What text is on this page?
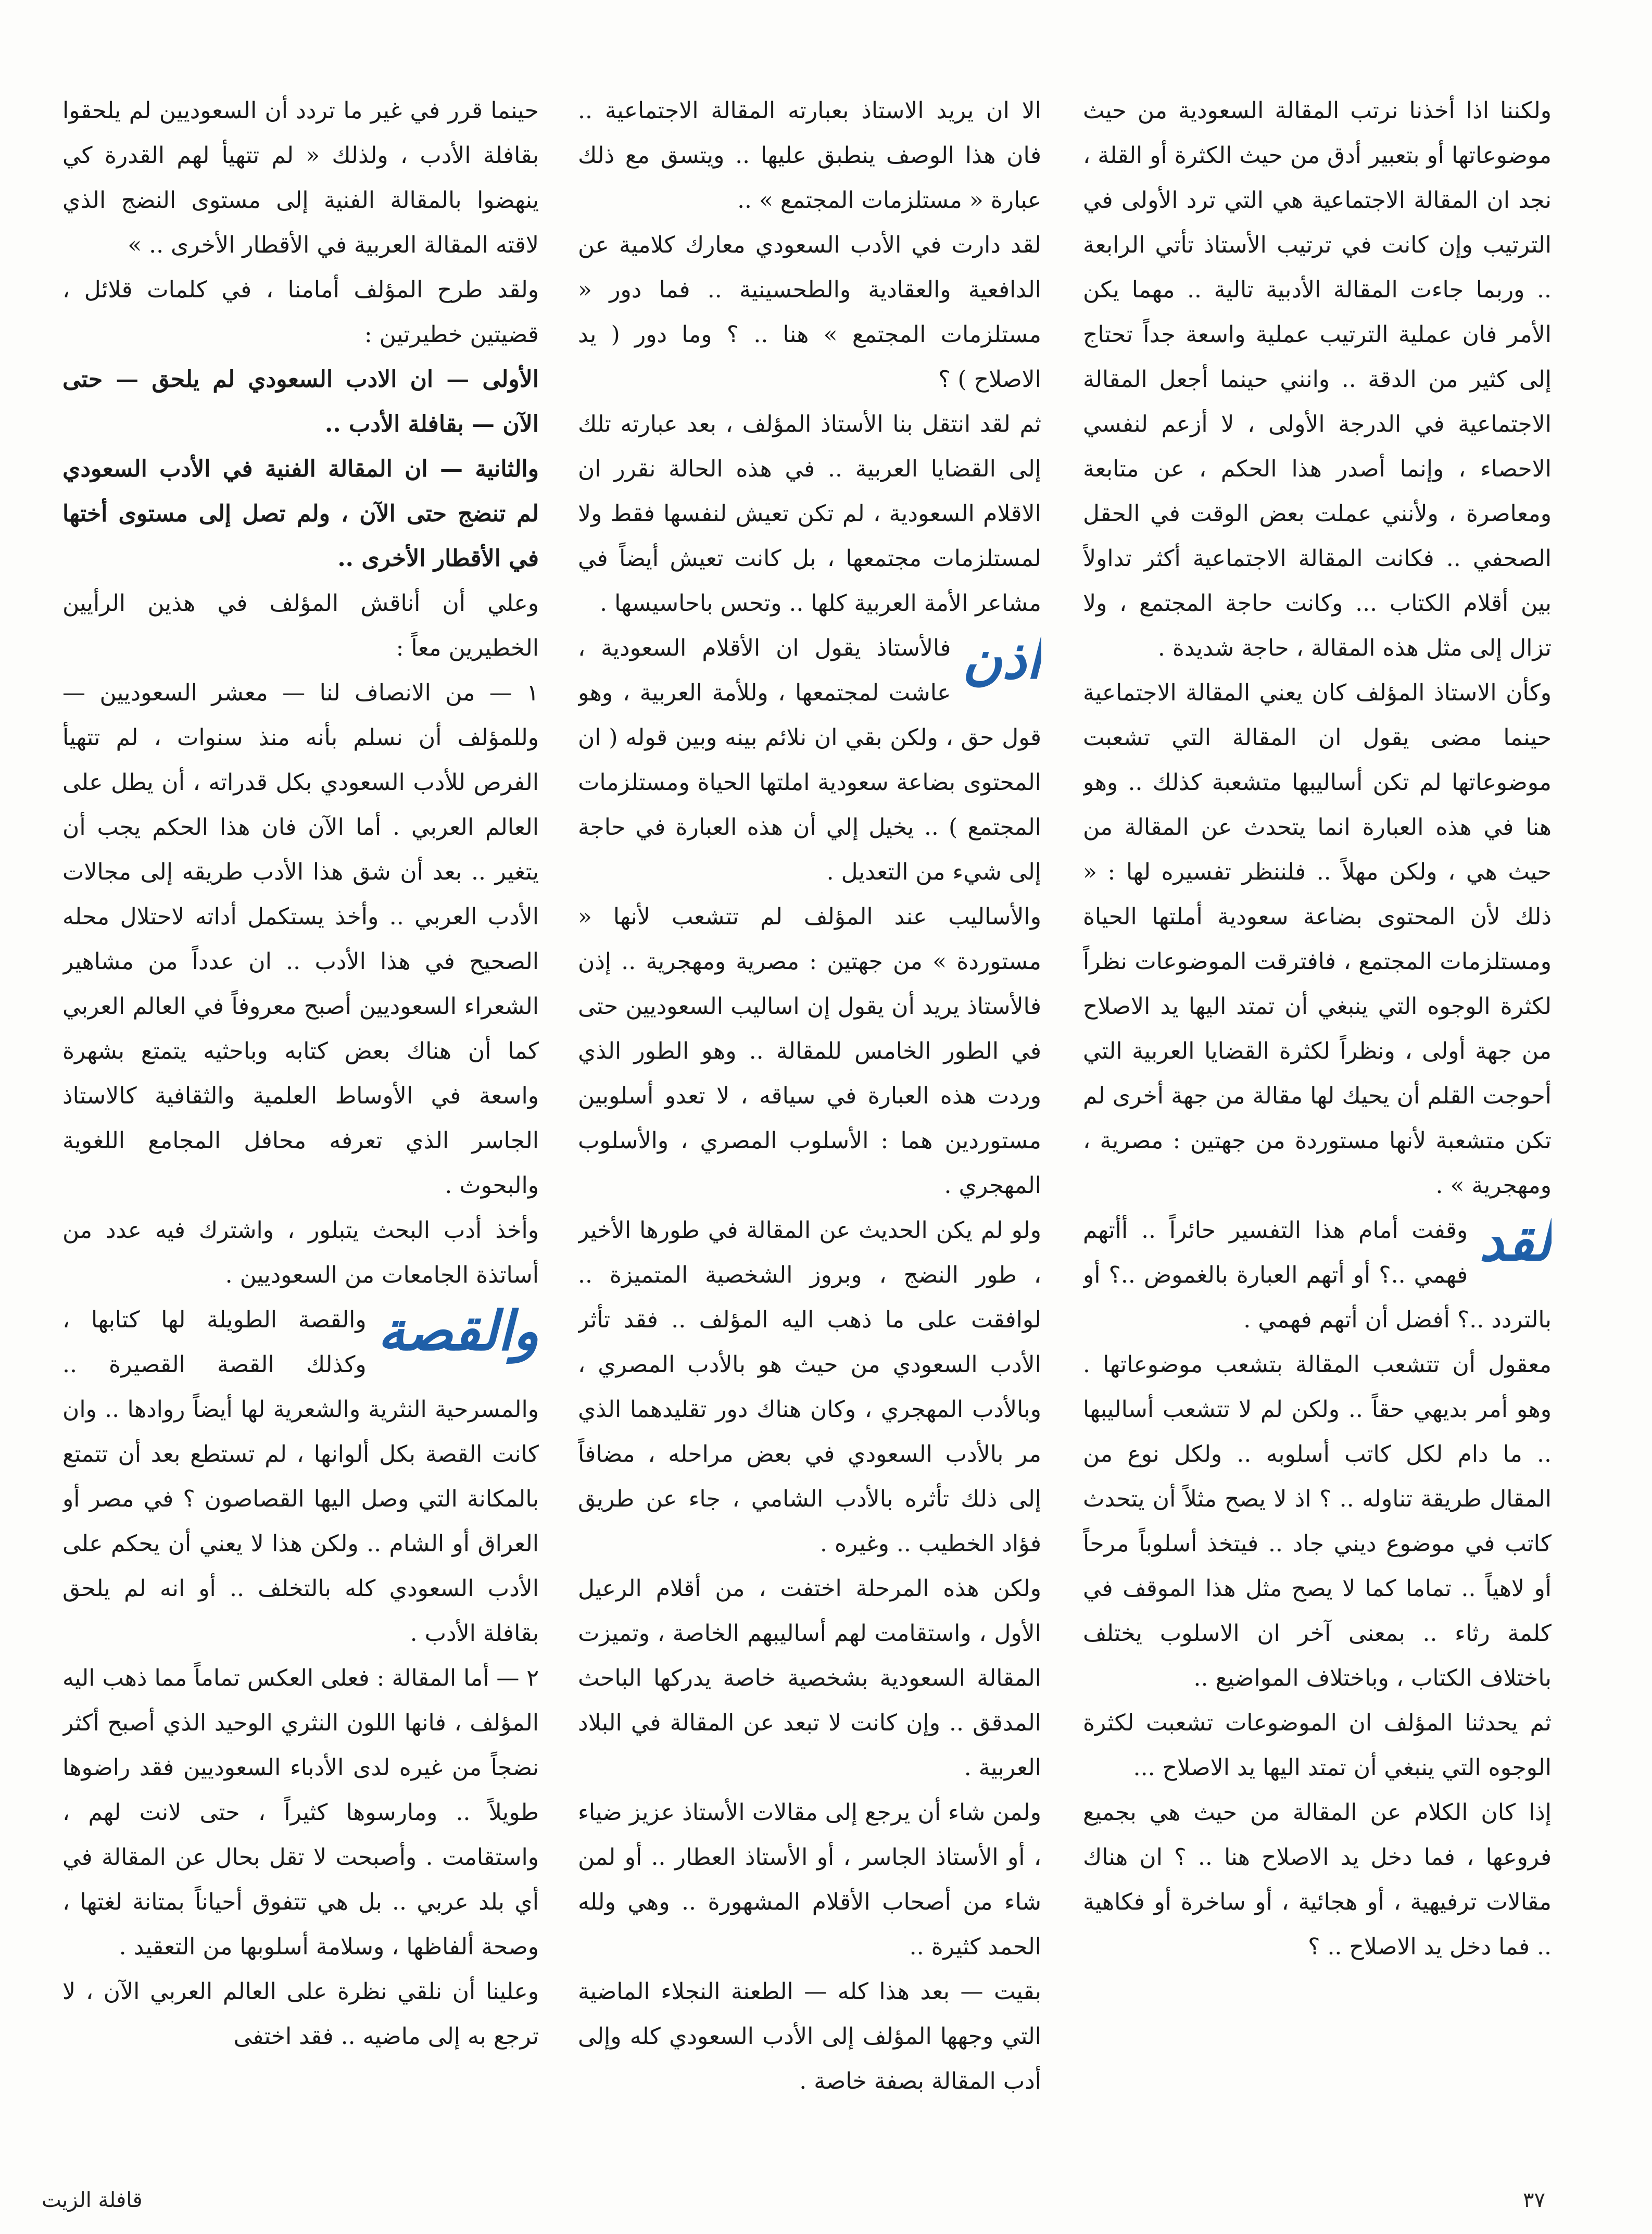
ولكننا اذا أخذنا نرتب المقالة السعودية من حيث موضوعاتها أو بتعبير أدق من حيث الكثرة أو القلة ، نجد ان المقالة الاجتماعية هي التي ترد الأولى في الترتيب وإن كانت في ترتيب الأستاذ تأتي الرابعة .. وربما جاءت المقالة الأدبية تالية .. مهما يكن الأمر فان عملية الترتيب عملية واسعة جداً تحتاج إلى كثير من الدقة .. وانني حينما أجعل المقالة الاجتماعية في الدرجة الأولى ، لا أزعم لنفسي الاحصاء ، وإنما أصدر هذا الحكم ، عن متابعة ومعاصرة ، ولأنني عملت بعض الوقت في الحقل الصحفي .. فكانت المقالة الاجتماعية أكثر تداولاً بين أقلام الكتاب ... وكانت حاجة المجتمع ، ولا تزال إلى مثل هذه المقالة ، حاجة شديدة .

وكأن الاستاذ المؤلف كان يعني المقالة الاجتماعية حينما مضى يقول ان المقالة التي تشعبت موضوعاتها لم تكن أساليبها متشعبة كذلك .. وهو هنا في هذه العبارة انما يتحدث عن المقالة من حيث هي ، ولكن مهلاً .. فلننظر تفسيره لها : « ذلك لأن المحتوى بضاعة سعودية أملتها الحياة ومستلزمات المجتمع ، فافترقت الموضوعات نظراً لكثرة الوجوه التي ينبغي أن تمتد اليها يد الاصلاح من جهة أولى ، ونظراً لكثرة القضايا العربية التي أحوجت القلم أن يحيك لها مقالة من جهة أخرى لم تكن متشعبة لأنها مستوردة من جهتين : مصرية ، ومهجرية » .

لقد
وقفت أمام هذا التفسير حائراً .. أأتهم فهمي ..؟ أو أتهم العبارة بالغموض ..؟ أو بالتردد ..؟ أفضل أن أتهم فهمي .

معقول أن تتشعب المقالة بتشعب موضوعاتها . وهو أمر بديهي حقاً .. ولكن لم لا تتشعب أساليبها .. ما دام لكل كاتب أسلوبه .. ولكل نوع من المقال طريقة تناوله .. ؟ اذ لا يصح مثلاً أن يتحدث كاتب في موضوع ديني جاد .. فيتخذ أسلوباً مرحاً أو لاهياً .. تماما كما لا يصح مثل هذا الموقف في كلمة رثاء .. بمعنى آخر ان الاسلوب يختلف باختلاف الكتاب ، وباختلاف المواضيع ..

ثم يحدثنا المؤلف ان الموضوعات تشعبت لكثرة الوجوه التي ينبغي أن تمتد اليها يد الاصلاح ...

إذا كان الكلام عن المقالة من حيث هي بجميع فروعها ، فما دخل يد الاصلاح هنا .. ؟ ان هناك مقالات ترفيهية ، أو هجائية ، أو ساخرة أو فكاهية .. فما دخل يد الاصلاح .. ؟

الا ان يريد الاستاذ بعبارته المقالة الاجتماعية .. فان هذا الوصف ينطبق عليها .. ويتسق مع ذلك عبارة « مستلزمات المجتمع » ..

لقد دارت في الأدب السعودي معارك كلامية عن الدافعية والعقادية والطحسينية .. فما دور « مستلزمات المجتمع » هنا .. ؟ وما دور ( يد الاصلاح ) ؟

ثم لقد انتقل بنا الأستاذ المؤلف ، بعد عبارته تلك إلى القضايا العربية .. في هذه الحالة نقرر ان الاقلام السعودية ، لم تكن تعيش لنفسها فقط ولا لمستلزمات مجتمعها ، بل كانت تعيش أيضاً في مشاعر الأمة العربية كلها .. وتحس باحاسيسها .

اذن
فالأستاذ يقول ان الأقلام السعودية ، عاشت لمجتمعها ، وللأمة العربية ، وهو قول حق ، ولكن بقي ان نلائم بينه وبين قوله ( ان المحتوى بضاعة سعودية املتها الحياة ومستلزمات المجتمع ) .. يخيل إلي أن هذه العبارة في حاجة إلى شيء من التعديل .

والأساليب عند المؤلف لم تتشعب لأنها « مستوردة » من جهتين : مصرية ومهجرية .. إذن فالأستاذ يريد أن يقول إن اساليب السعوديين حتى في الطور الخامس للمقالة .. وهو الطور الذي وردت هذه العبارة في سياقه ، لا تعدو أسلوبين مستوردين هما : الأسلوب المصري ، والأسلوب المهجري .

ولو لم يكن الحديث عن المقالة في طورها الأخير ، طور النضج ، وبروز الشخصية المتميزة .. لوافقت على ما ذهب اليه المؤلف .. فقد تأثر الأدب السعودي من حيث هو بالأدب المصري ، وبالأدب المهجري ، وكان هناك دور تقليدهما الذي مر بالأدب السعودي في بعض مراحله ، مضافاً إلى ذلك تأثره بالأدب الشامي ، جاء عن طريق فؤاد الخطيب .. وغيره .

ولكن هذه المرحلة اختفت ، من أقلام الرعيل الأول ، واستقامت لهم أساليبهم الخاصة ، وتميزت المقالة السعودية بشخصية خاصة يدركها الباحث المدقق .. وإن كانت لا تبعد عن المقالة في البلاد العربية .

ولمن شاء أن يرجع إلى مقالات الأستاذ عزيز ضياء ، أو الأستاذ الجاسر ، أو الأستاذ العطار .. أو لمن شاء من أصحاب الأقلام المشهورة .. وهي ولله الحمد كثيرة ..

بقيت — بعد هذا كله — الطعنة النجلاء الماضية التي وجهها المؤلف إلى الأدب السعودي كله وإلى أدب المقالة بصفة خاصة .

حينما قرر في غير ما تردد أن السعوديين لم يلحقوا بقافلة الأدب ، ولذلك « لم تتهيأ لهم القدرة كي ينهضوا بالمقالة الفنية إلى مستوى النضج الذي لاقته المقالة العربية في الأقطار الأخرى .. »

ولقد طرح المؤلف أمامنا ، في كلمات قلائل ، قضيتين خطيرتين :

الأولى — ان الادب السعودي لم يلحق — حتى الآن — بقافلة الأدب ..

والثانية — ان المقالة الفنية في الأدب السعودي لم تنضج حتى الآن ، ولم تصل إلى مستوى أختها في الأقطار الأخرى ..

وعلي أن أناقش المؤلف في هذين الرأيين الخطيرين معاً :

١ — من الانصاف لنا — معشر السعوديين — وللمؤلف أن نسلم بأنه منذ سنوات ، لم تتهيأ الفرص للأدب السعودي بكل قدراته ، أن يطل على العالم العربي . أما الآن فان هذا الحكم يجب أن يتغير .. بعد أن شق هذا الأدب طريقه إلى مجالات الأدب العربي .. وأخذ يستكمل أداته لاحتلال محله الصحيح في هذا الأدب .. ان عدداً من مشاهير الشعراء السعوديين أصبح معروفاً في العالم العربي كما أن هناك بعض كتابه وباحثيه يتمتع بشهرة واسعة في الأوساط العلمية والثقافية كالاستاذ الجاسر الذي تعرفه محافل المجامع اللغوية والبحوث .

وأخذ أدب البحث يتبلور ، واشترك فيه عدد من أساتذة الجامعات من السعوديين .

والقصة
والقصة الطويلة لها كتابها ، وكذلك القصة القصيرة .. والمسرحية النثرية والشعرية لها أيضاً روادها .. وان كانت القصة بكل ألوانها ، لم تستطع بعد أن تتمتع بالمكانة التي وصل اليها القصاصون ؟ في مصر أو العراق أو الشام .. ولكن هذا لا يعني أن يحكم على الأدب السعودي كله بالتخلف .. أو انه لم يلحق بقافلة الأدب .

٢ — أما المقالة : فعلى العكس تماماً مما ذهب اليه المؤلف ، فانها اللون النثري الوحيد الذي أصبح أكثر نضجاً من غيره لدى الأدباء السعوديين فقد راضوها طويلاً .. ومارسوها كثيراً ، حتى لانت لهم ، واستقامت . وأصبحت لا تقل بحال عن المقالة في أي بلد عربي .. بل هي تتفوق أحياناً بمتانة لغتها ، وصحة ألفاظها ، وسلامة أسلوبها من التعقيد .

وعلينا أن نلقي نظرة على العالم العربي الآن ، لا ترجع به إلى ماضيه .. فقد اختفى

٣٧
قافلة الزيت
